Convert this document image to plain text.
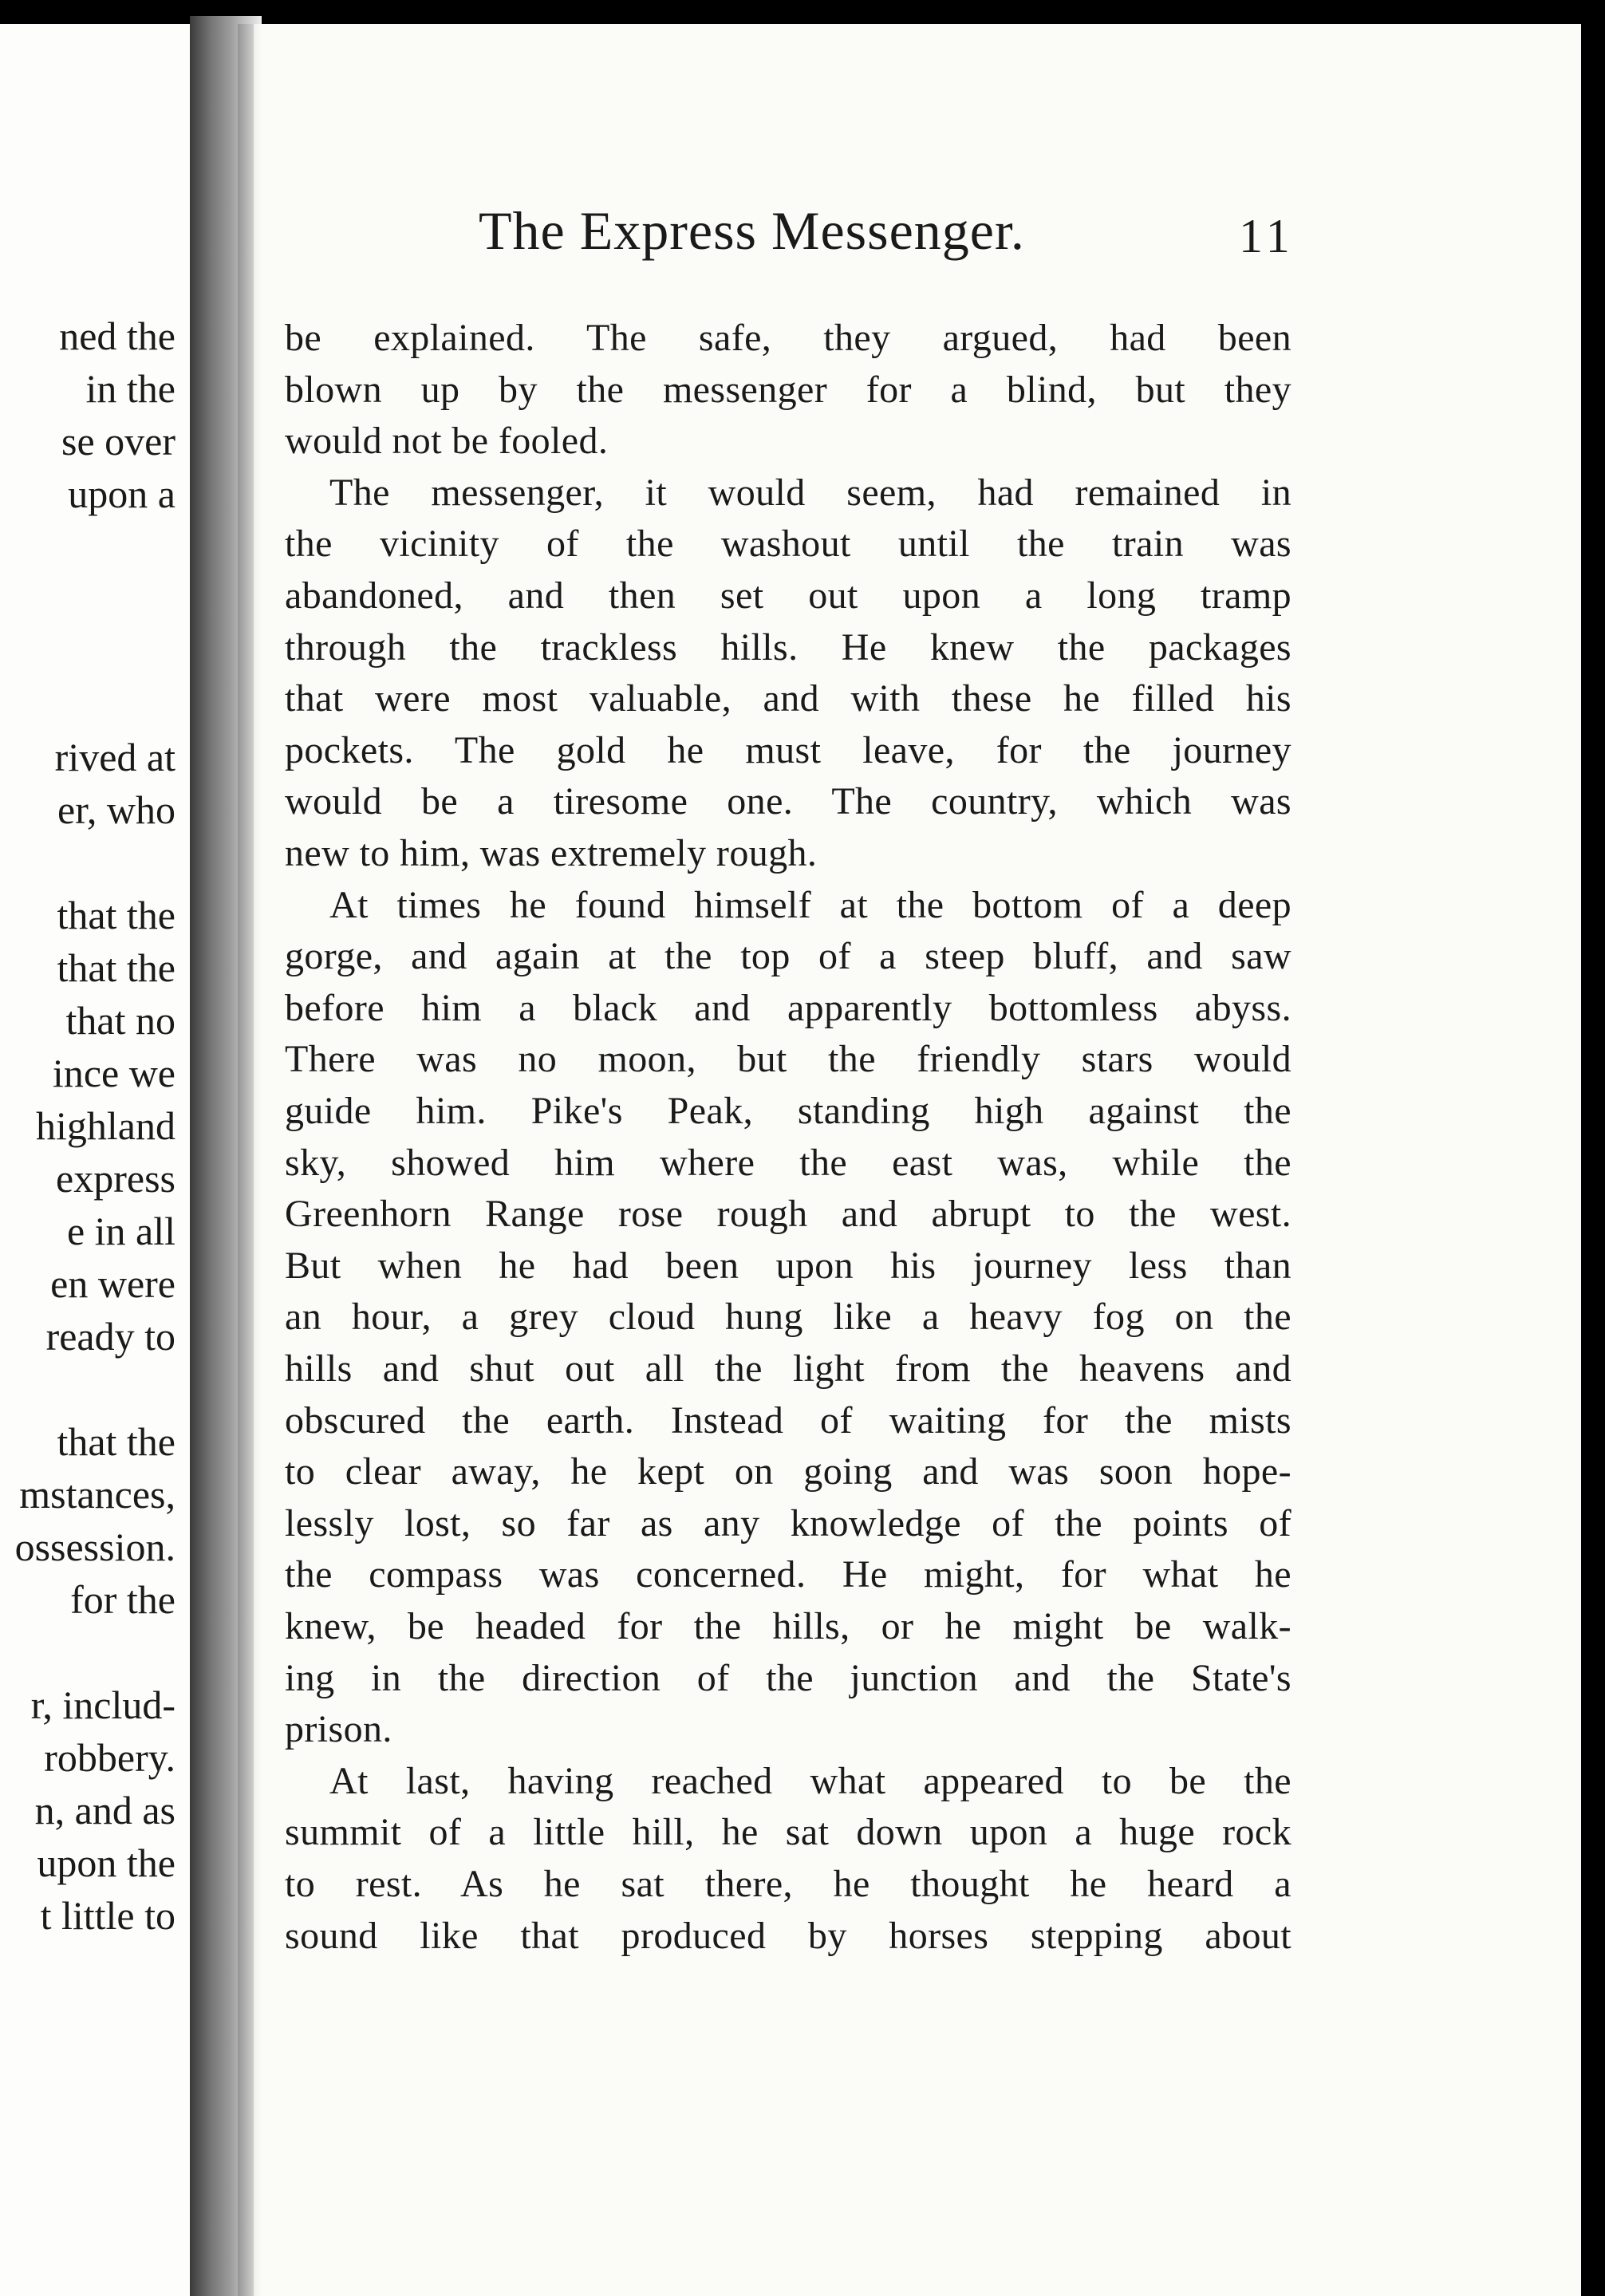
ned the
in the
se over
upon a
rived at
er, who
that the
that the
that no
ince we
highland
express
e in all
en were
ready to
that the
mstances,
ossession.
for the
r, includ-
robbery.
n, and as
upon the
t little to
The Express Messenger.	11
be explained. The safe, they argued, had been
blown up by the messenger for a blind, but they
would not be fooled.
The messenger, it would seem, had remained in
the vicinity of the washout until the train was
abandoned, and then set out upon a long tramp
through the trackless hills. He knew the packages
that were most valuable, and with these he filled his
pockets. The gold he must leave, for the journey
would be a tiresome one. The country, which was
new to him, was extremely rough.
At times he found himself at the bottom of a deep
gorge, and again at the top of a steep bluff, and saw
before him a black and apparently bottomless abyss.
There was no moon, but the friendly stars would
guide him. Pike's Peak, standing high against the
sky, showed him where the east was, while the
Greenhorn Range rose rough and abrupt to the west.
But when he had been upon his journey less than
an hour, a grey cloud hung like a heavy fog on the
hills and shut out all the light from the heavens and
obscured the earth. Instead of waiting for the mists
to clear away, he kept on going and was soon hope-
lessly lost, so far as any knowledge of the points of
the compass was concerned. He might, for what he
knew, be headed for the hills, or he might be walk-
ing in the direction of the junction and the State's
prison.
At last, having reached what appeared to be the
summit of a little hill, he sat down upon a huge rock
to rest. As he sat there, he thought he heard a
sound like that produced by horses stepping about
